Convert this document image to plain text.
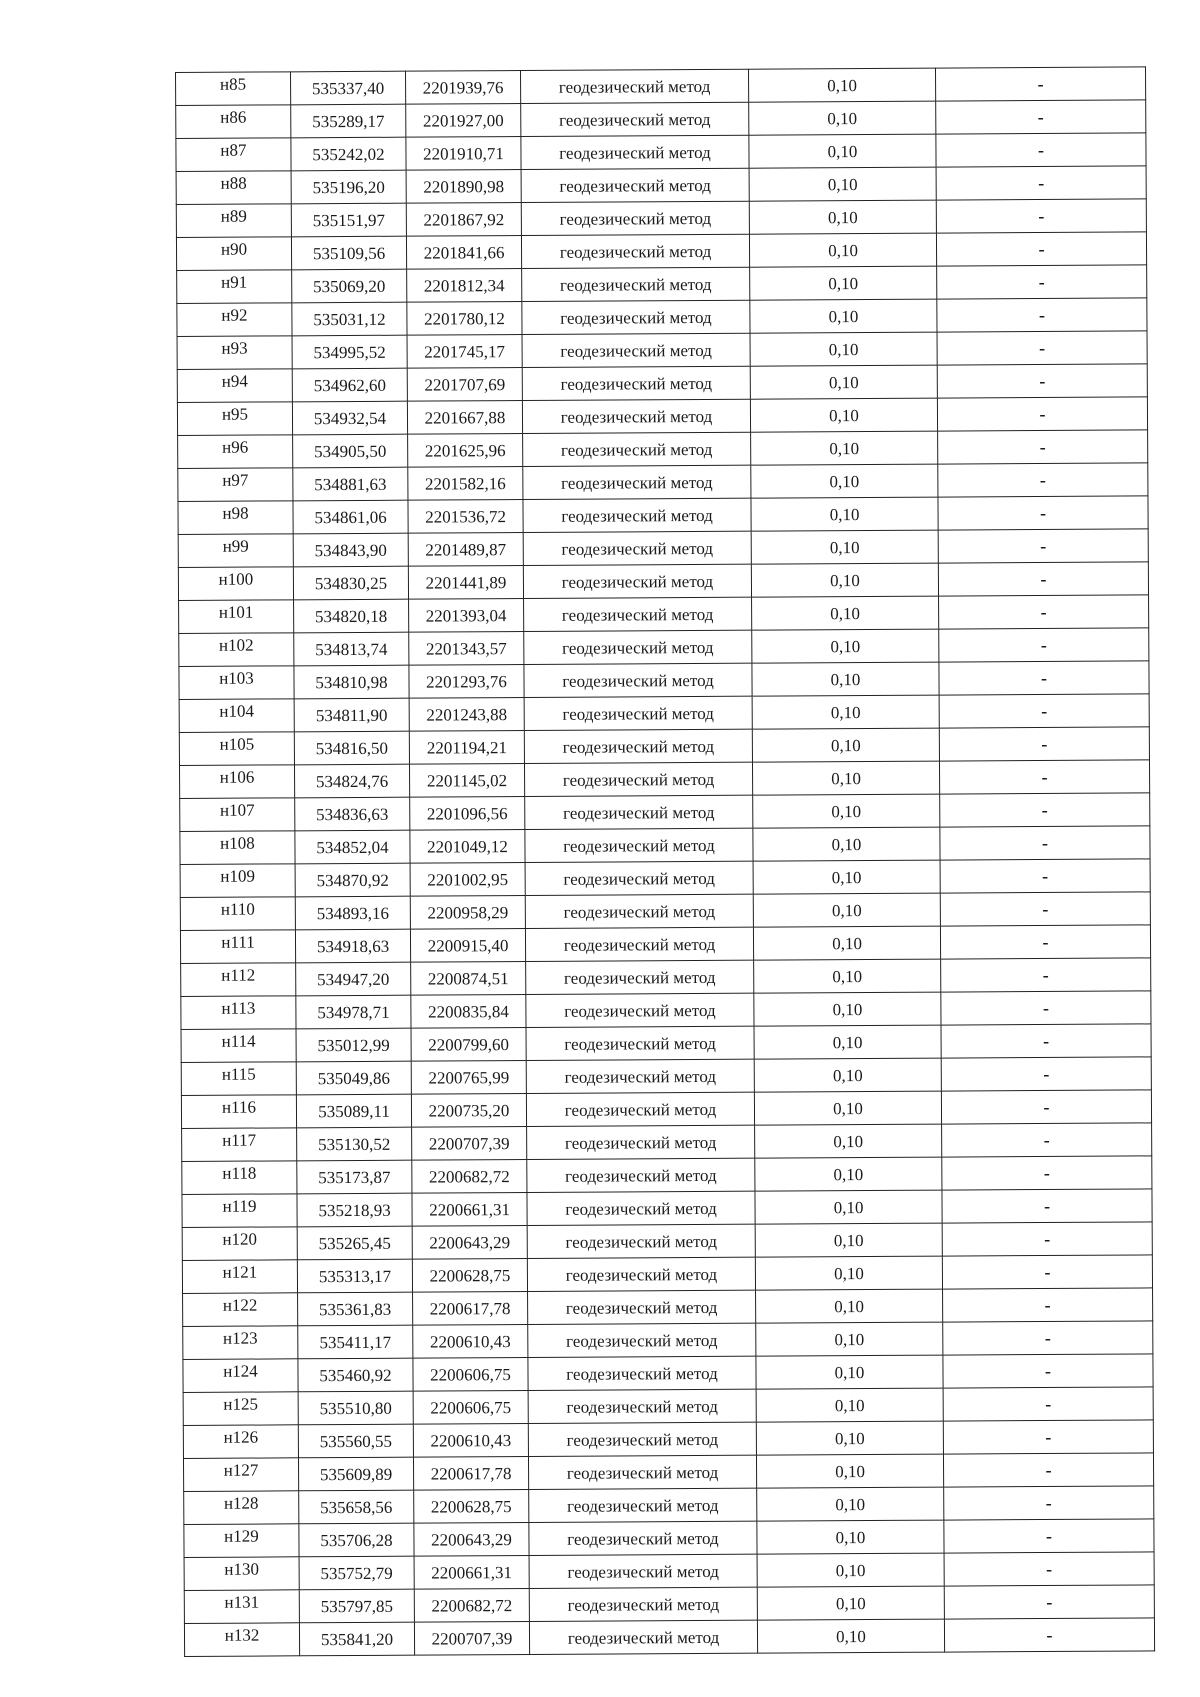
н85	535337,40	2201939,76	геодезический метод	0,10	-
н86	535289,17	2201927,00	геодезический метод	0,10	-
н87	535242,02	2201910,71	геодезический метод	0,10	-
н88	535196,20	2201890,98	геодезический метод	0,10	-
н89	535151,97	2201867,92	геодезический метод	0,10	-
н90	535109,56	2201841,66	геодезический метод	0,10	-
н91	535069,20	2201812,34	геодезический метод	0,10	-
н92	535031,12	2201780,12	геодезический метод	0,10	-
н93	534995,52	2201745,17	геодезический метод	0,10	-
н94	534962,60	2201707,69	геодезический метод	0,10	-
н95	534932,54	2201667,88	геодезический метод	0,10	-
н96	534905,50	2201625,96	геодезический метод	0,10	-
н97	534881,63	2201582,16	геодезический метод	0,10	-
н98	534861,06	2201536,72	геодезический метод	0,10	-
н99	534843,90	2201489,87	геодезический метод	0,10	-
н100	534830,25	2201441,89	геодезический метод	0,10	-
н101	534820,18	2201393,04	геодезический метод	0,10	-
н102	534813,74	2201343,57	геодезический метод	0,10	-
н103	534810,98	2201293,76	геодезический метод	0,10	-
н104	534811,90	2201243,88	геодезический метод	0,10	-
н105	534816,50	2201194,21	геодезический метод	0,10	-
н106	534824,76	2201145,02	геодезический метод	0,10	-
н107	534836,63	2201096,56	геодезический метод	0,10	-
н108	534852,04	2201049,12	геодезический метод	0,10	-
н109	534870,92	2201002,95	геодезический метод	0,10	-
н110	534893,16	2200958,29	геодезический метод	0,10	-
н111	534918,63	2200915,40	геодезический метод	0,10	-
н112	534947,20	2200874,51	геодезический метод	0,10	-
н113	534978,71	2200835,84	геодезический метод	0,10	-
н114	535012,99	2200799,60	геодезический метод	0,10	-
н115	535049,86	2200765,99	геодезический метод	0,10	-
н116	535089,11	2200735,20	геодезический метод	0,10	-
н117	535130,52	2200707,39	геодезический метод	0,10	-
н118	535173,87	2200682,72	геодезический метод	0,10	-
н119	535218,93	2200661,31	геодезический метод	0,10	-
н120	535265,45	2200643,29	геодезический метод	0,10	-
н121	535313,17	2200628,75	геодезический метод	0,10	-
н122	535361,83	2200617,78	геодезический метод	0,10	-
н123	535411,17	2200610,43	геодезический метод	0,10	-
н124	535460,92	2200606,75	геодезический метод	0,10	-
н125	535510,80	2200606,75	геодезический метод	0,10	-
н126	535560,55	2200610,43	геодезический метод	0,10	-
н127	535609,89	2200617,78	геодезический метод	0,10	-
н128	535658,56	2200628,75	геодезический метод	0,10	-
н129	535706,28	2200643,29	геодезический метод	0,10	-
н130	535752,79	2200661,31	геодезический метод	0,10	-
н131	535797,85	2200682,72	геодезический метод	0,10	-
н132	535841,20	2200707,39	геодезический метод	0,10	-
